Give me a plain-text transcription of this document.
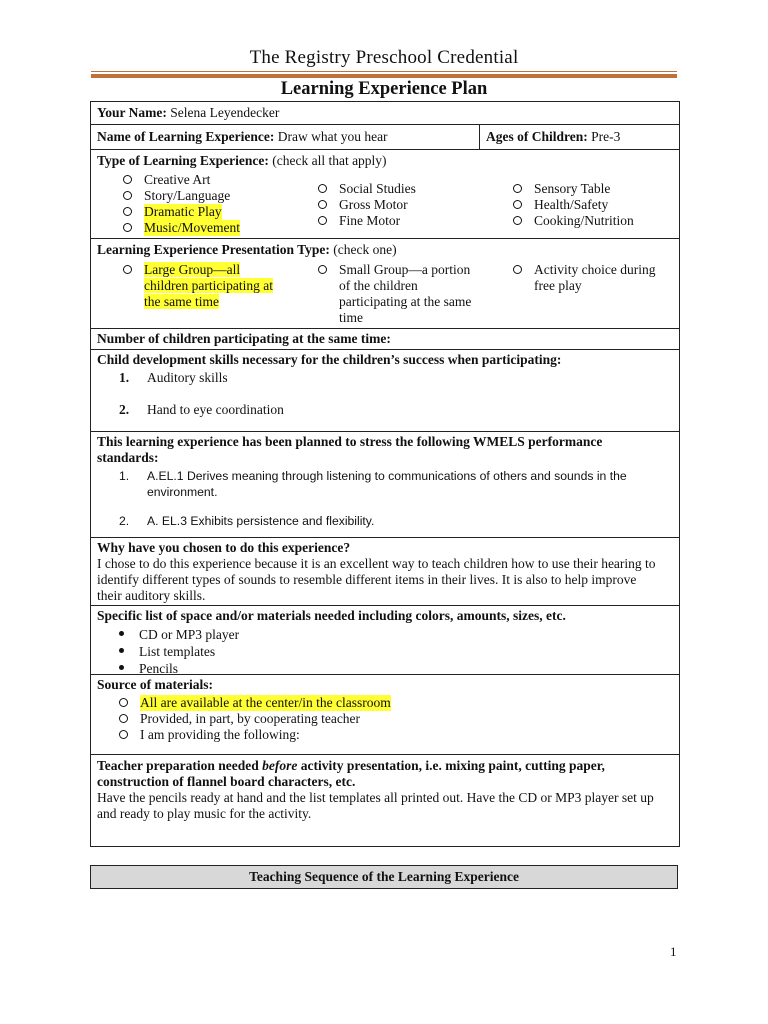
The Registry Preschool Credential
Learning Experience Plan
Your Name: Selena Leyendecker
Name of Learning Experience: Draw what you hear	Ages of Children: Pre-3
Type of Learning Experience: (check all that apply)
Creative Art
Story/Language
Dramatic Play
Music/Movement
Social Studies
Gross Motor
Fine Motor
Sensory Table
Health/Safety
Cooking/Nutrition
Learning Experience Presentation Type: (check one)
Large Group—all
children participating at
the same time
Small Group—a portion
of the children
participating at the same
time
Activity choice during
free play
Number of children participating at the same time:
Child development skills necessary for the children’s success when participating:
1.	Auditory skills
2.	Hand to eye coordination
This learning experience has been planned to stress the following WMELS performance
standards:
1.	A.EL.1 Derives meaning through listening to communications of others and sounds in the
environment.
2.	A. EL.3 Exhibits persistence and flexibility.
Why have you chosen to do this experience?
I chose to do this experience because it is an excellent way to teach children how to use their hearing to
identify different types of sounds to resemble different items in their lives. It is also to help improve
their auditory skills.
Specific list of space and/or materials needed including colors, amounts, sizes, etc.
CD or MP3 player
List templates
Pencils
Source of materials:
All are available at the center/in the classroom
Provided, in part, by cooperating teacher
I am providing the following:
Teacher preparation needed before activity presentation, i.e. mixing paint, cutting paper,
construction of flannel board characters, etc.
Have the pencils ready at hand and the list templates all printed out. Have the CD or MP3 player set up
and ready to play music for the activity.
Teaching Sequence of the Learning Experience
1
